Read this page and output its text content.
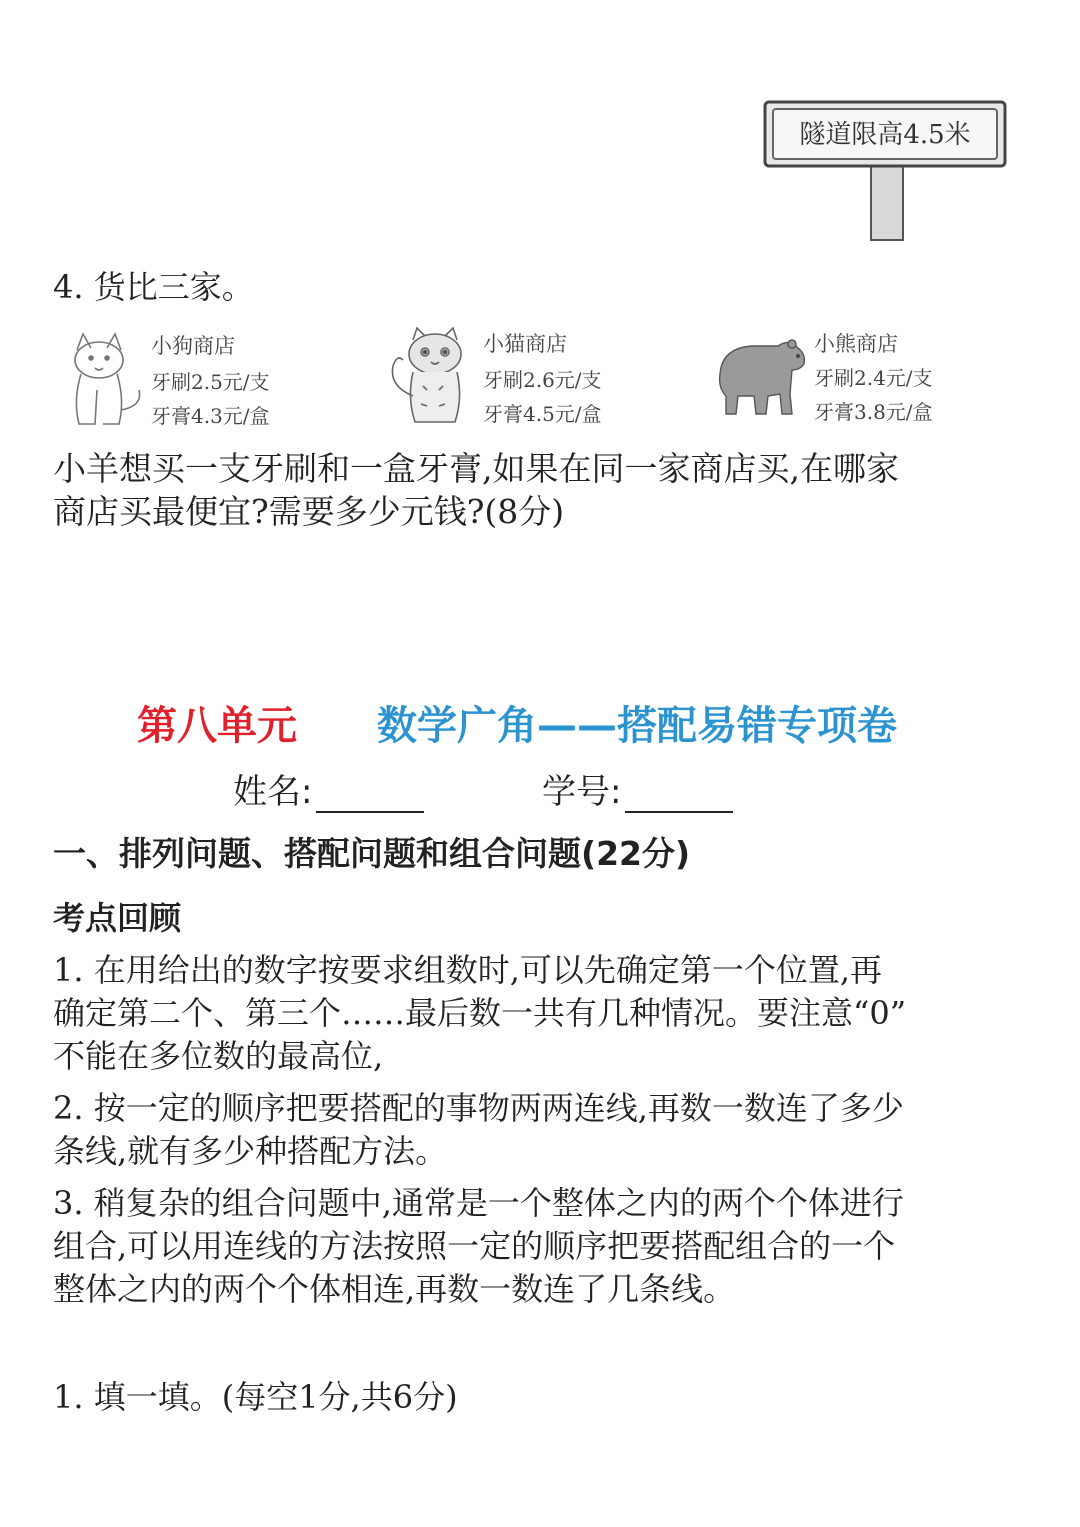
隧道限高4.5米
4. 货比三家。
小狗商店
牙刷2.5元/支
牙膏4.3元/盒
小猫商店
牙刷2.6元/支
牙膏4.5元/盒
小熊商店
牙刷2.4元/支
牙膏3.8元/盒
小羊想买一支牙刷和一盒牙膏,如果在同一家商店买,在哪家
商店买最便宜?需要多少元钱?(8分)
第八单元 数学广角——搭配易错专项卷
姓名:	学号:
一、排列问题、搭配问题和组合问题(22分)
考点回顾
1. 在用给出的数字按要求组数时,可以先确定第一个位置,再
确定第二个、第三个……最后数一共有几种情况。要注意“0”
不能在多位数的最高位,
2. 按一定的顺序把要搭配的事物两两连线,再数一数连了多少
条线,就有多少种搭配方法。
3. 稍复杂的组合问题中,通常是一个整体之内的两个个体进行
组合,可以用连线的方法按照一定的顺序把要搭配组合的一个
整体之内的两个个体相连,再数一数连了几条线。
1. 填一填。(每空1分,共6分)
